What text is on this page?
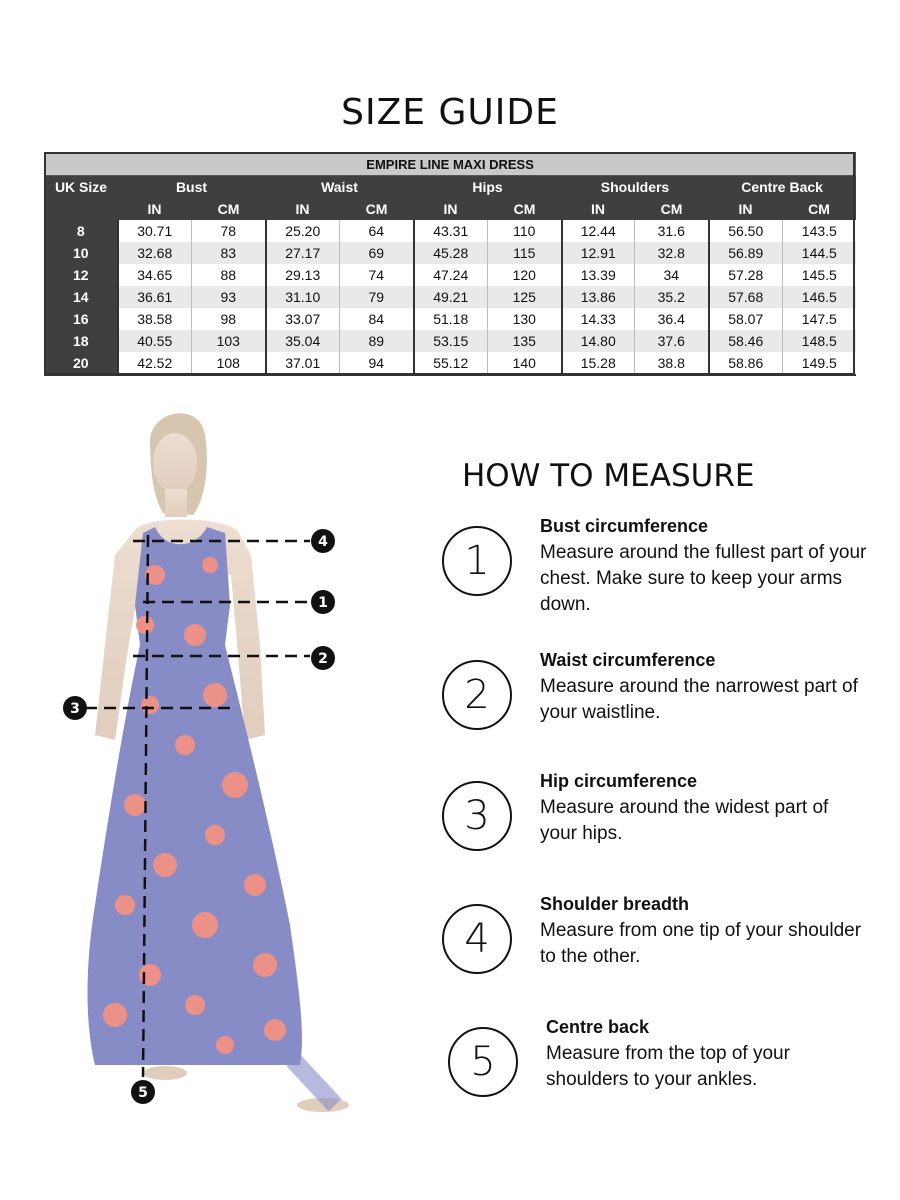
SIZE GUIDE
EMPIRE LINE MAXI DRESS										
UK Size	Bust		Waist		Hips		Shoulders		Centre Back	
	IN	CM	IN	CM	IN	CM	IN	CM	IN	CM
8	30.71	78	25.20	64	43.31	110	12.44	31.6	56.50	143.5
10	32.68	83	27.17	69	45.28	115	12.91	32.8	56.89	144.5
12	34.65	88	29.13	74	47.24	120	13.39	34	57.28	145.5
14	36.61	93	31.10	79	49.21	125	13.86	35.2	57.68	146.5
16	38.58	98	33.07	84	51.18	130	14.33	36.4	58.07	147.5
18	40.55	103	35.04	89	53.15	135	14.80	37.6	58.46	148.5
20	42.52	108	37.01	94	55.12	140	15.28	38.8	58.86	149.5
4
1
2
3
5
HOW TO MEASURE
1
Bust circumference
Measure around the fullest part of your chest. Make sure to keep your arms down.
2
Waist circumference
Measure around the narrowest part of your waistline.
3
Hip circumference
Measure around the widest part of your hips.
4
Shoulder breadth
Measure from one tip of your shoulder to the other.
5
Centre back
Measure from the top of your shoulders to your ankles.
